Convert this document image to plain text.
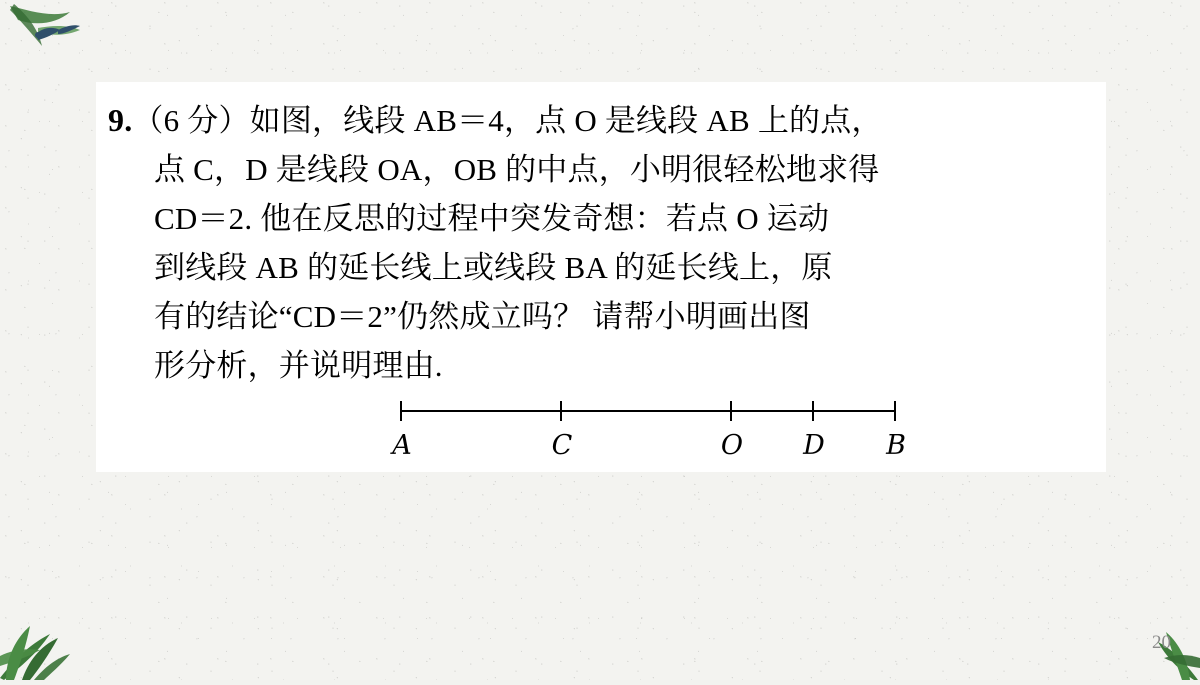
9.（6 分）如图，线段 AB＝4，点 O 是线段 AB 上的点，
点 C，D 是线段 OA，OB 的中点，小明很轻松地求得
CD＝2. 他在反思的过程中突发奇想：若点 O 运动
到线段 AB 的延长线上或线段 BA 的延长线上，原
有的结论“CD＝2”仍然成立吗？ 请帮小明画出图
形分析，并说明理由.
A	C	O D B
20
